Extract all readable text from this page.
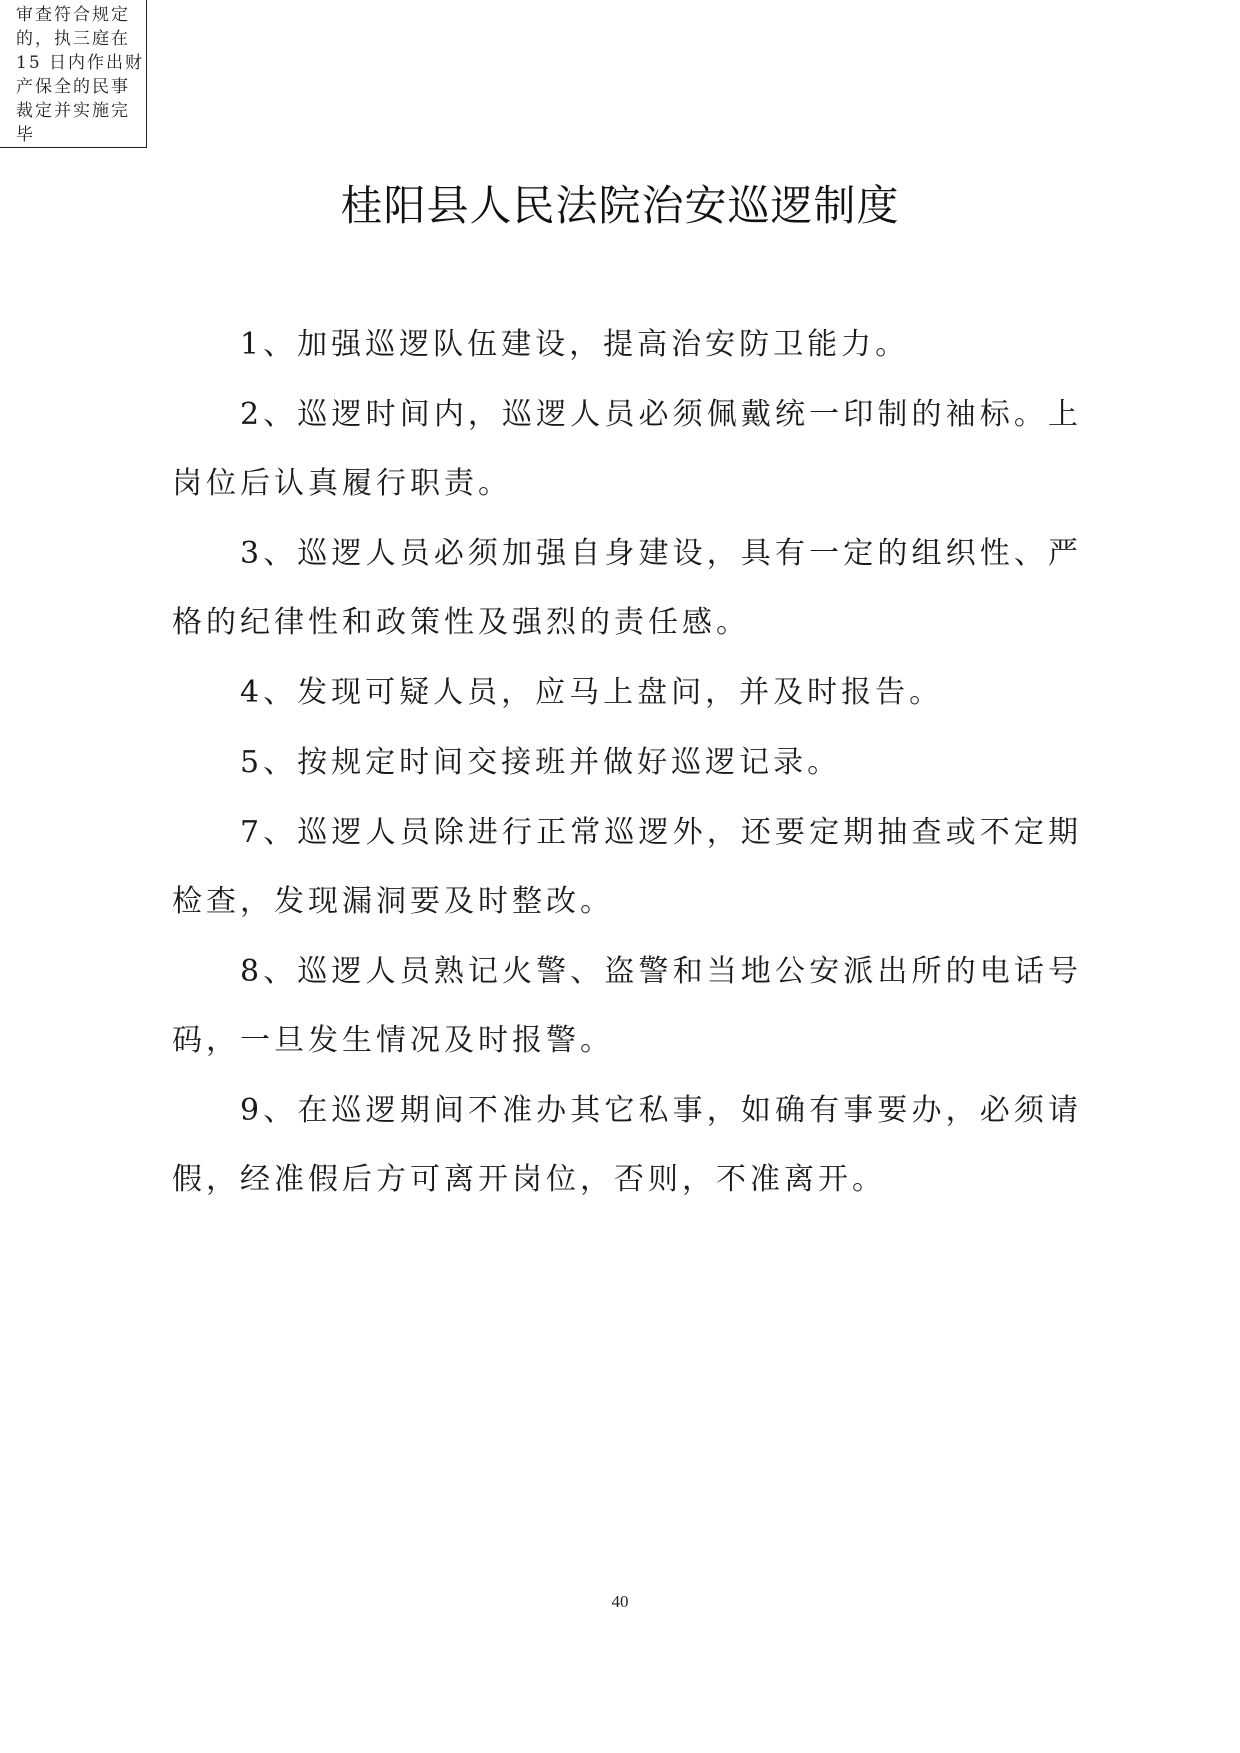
审查符合规定
的，执三庭在
15 日内作出财
产保全的民事
裁定并实施完
毕
桂阳县人民法院治安巡逻制度

1、加强巡逻队伍建设，提高治安防卫能力。

2、巡逻时间内，巡逻人员必须佩戴统一印制的袖标。上岗位后认真履行职责。

3、巡逻人员必须加强自身建设，具有一定的组织性、严格的纪律性和政策性及强烈的责任感。

4、发现可疑人员，应马上盘问，并及时报告。

5、按规定时间交接班并做好巡逻记录。

7、巡逻人员除进行正常巡逻外，还要定期抽查或不定期检查，发现漏洞要及时整改。

8、巡逻人员熟记火警、盗警和当地公安派出所的电话号码，一旦发生情况及时报警。

9、在巡逻期间不准办其它私事，如确有事要办，必须请假，经准假后方可离开岗位，否则，不准离开。

40
